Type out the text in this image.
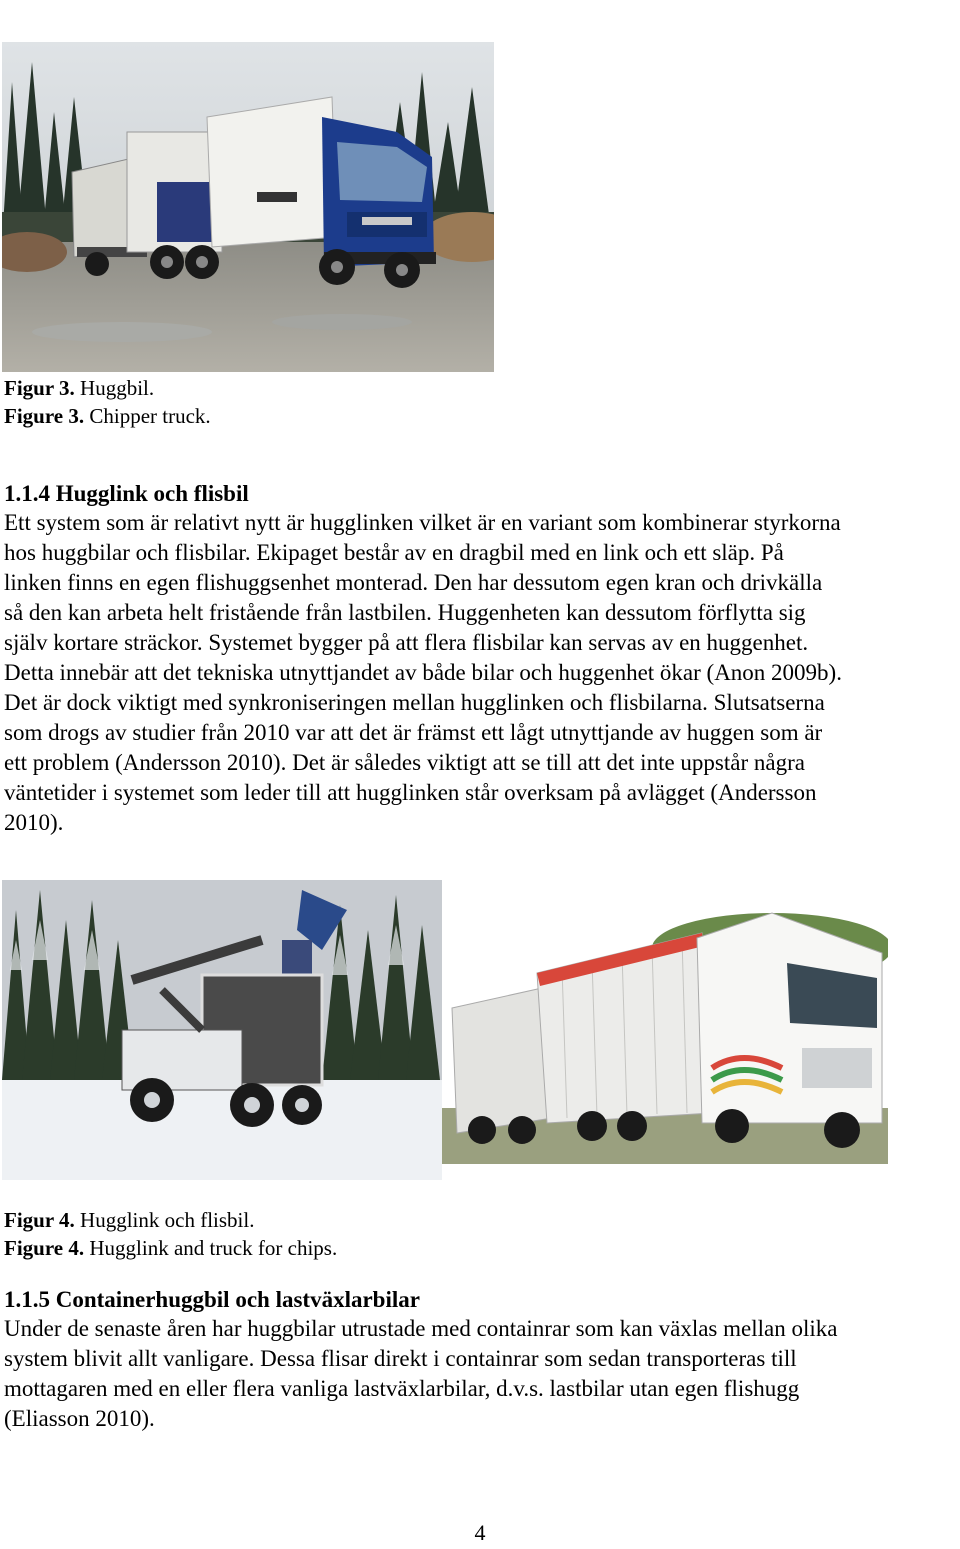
Figur 3. Huggbil.
Figure 3. Chipper truck.
1.1.4 Hugglink och flisbil
Ett system som är relativt nytt är hugglinken vilket är en variant som kombinerar styrkorna
hos huggbilar och flisbilar. Ekipaget består av en dragbil med en link och ett släp. På
linken finns en egen flishuggsenhet monterad. Den har dessutom egen kran och drivkälla
så den kan arbeta helt fristående från lastbilen. Huggenheten kan dessutom förflytta sig
själv kortare sträckor. Systemet bygger på att flera flisbilar kan servas av en huggenhet.
Detta innebär att det tekniska utnyttjandet av både bilar och huggenhet ökar (Anon 2009b).
Det är dock viktigt med synkroniseringen mellan hugglinken och flisbilarna. Slutsatserna
som drogs av studier från 2010 var att det är främst ett lågt utnyttjande av huggen som är
ett problem (Andersson 2010). Det är således viktigt att se till att det inte uppstår några
väntetider i systemet som leder till att hugglinken står overksam på avlägget (Andersson
2010).
Figur 4. Hugglink och flisbil.
Figure 4. Hugglink and truck for chips.
1.1.5 Containerhuggbil och lastväxlarbilar
Under de senaste åren har huggbilar utrustade med containrar som kan växlas mellan olika
system blivit allt vanligare. Dessa flisar direkt i containrar som sedan transporteras till
mottagaren med en eller flera vanliga lastväxlarbilar, d.v.s. lastbilar utan egen flishugg
(Eliasson 2010).
4
